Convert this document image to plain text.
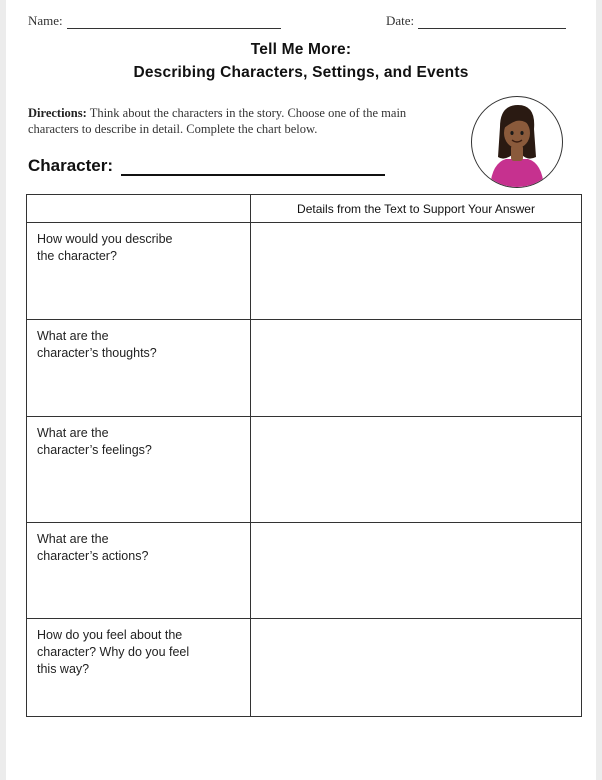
Name:	Date:
Tell Me More:
Describing Characters, Settings, and Events
Directions: Think about the characters in the story. Choose one of the main characters to describe in detail. Complete the chart below.
Character:
	Details from the Text to Support Your Answer

How would you describe
the character?	

What are the
character’s thoughts?	

What are the
character’s feelings?	

What are the
character’s actions?	

How do you feel about the
character? Why do you feel
this way?	
